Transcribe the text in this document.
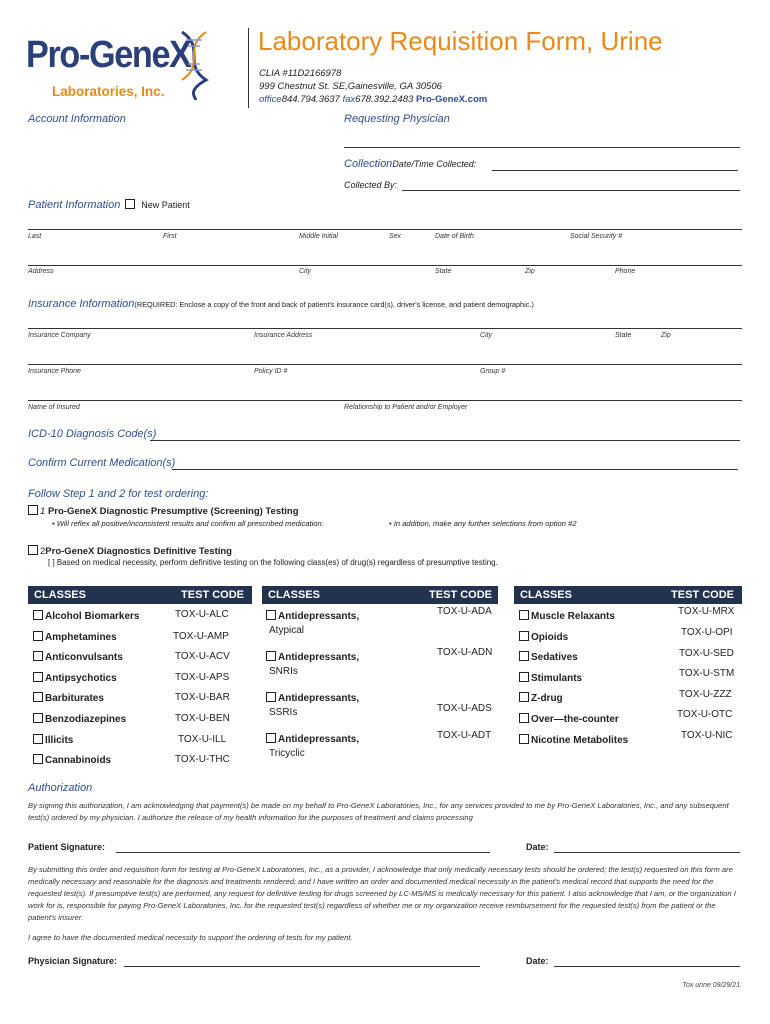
Pro-GeneX
Laboratories, Inc.
Laboratory Requisition Form, Urine
CLIA #11D2166978
999 Chestnut St. SE,Gainesville, GA 30506
office844.794.3637 fax678.392.2483 Pro-GeneX.com
Account Information	Requesting Physician
CollectionDate/Time Collected:
Collected By:
Patient Information New Patient
Last	First	Middle Initial	Sex	Date of Birth	Social Security #
Address	City	State	Zip	Phone
Insurance Information(REQUIRED: Enclose a copy of the front and back of patient's insurance card(s), driver's license, and patient demographic.)
Insurance Company	Insurance Address	City	State	Zip
Insurance Phone	Policy ID #	Group #
Name of Insured	Relationship to Patient and/or Employer
ICD-10 Diagnosis Code(s)
Confirm Current Medication(s)
Follow Step 1 and 2 for test ordering:
1 Pro-GeneX Diagnostic Presumptive (Screening) Testing
• Will reflex all positive/inconsistent results and confirm all prescribed medication.	• In addition, make any further selections from option #2
2Pro-GeneX Diagnostics Definitive Testing
[ ] Based on medical necessity, perform definitive testing on the following class(es) of drug(s) regardless of presumptive testing.
CLASSES	TEST CODE CLASSES	TEST CODE	CLASSES	TEST CODE
Alcohol Biomarkers	TOX-U-ALC
Amphetamines	TOX-U-AMP
Anticonvulsants	TOX-U-ACV
Antipsychotics	TOX-U-APS
Barbiturates	TOX-U-BAR
Benzodiazepines	TOX-U-BEN
Illicits	TOX-U-ILL
Cannabinoids	TOX-U-THC
Antidepressants,
Atypical
TOX-U-ADA
Antidepressants,
SNRIs
TOX-U-ADN
Antidepressants,
SSRIs	TOX-U-ADS
Antidepressants,
Tricyclic
TOX-U-ADT
Muscle Relaxants	TOX-U-MRX
Opioids	TOX-U-OPI
Sedatives	TOX-U-SED
Stimulants	TOX-U-STM
Z-drug	TOX-U-ZZZ
Over—the-counter	TOX-U-OTC
Nicotine Metabolites	TOX-U-NIC
Authorization
By signing this authorization, I am acknowledging that payment(s) be made on my behalf to Pro-GeneX Laboratories, Inc., for any services provided to me by Pro-GeneX Laboratories, Inc., and any subsequent test(s) ordered by my physician. I authorize the release of my health information for the purposes of treatment and claims processing
Patient Signature:	Date:
By submitting this order and requisition form for testing at Pro-GeneX Laboratories, Inc., as a provider, I acknowledge that only medically necessary tests should be ordered; the test(s) requested on this form are medically necessary and reasonable for the diagnosis and treatments rendered; and I have written an order and documented medical necessity in the patient's medical record that supports the need for the requested test(s). If presumptive test(s) are performed, any request for definitive testing for drugs screened by LC-MS/MS is medically necessary for this patient. I also acknowledge that I am, or the organization I work for is, responsible for paying Pro-GeneX Laboratories, Inc. for the requested test(s) regardless of whether me or my organization receive reimbursement for the requested test(s) from the patient or the patient's insurer.
I agree to have the documented medical necessity to support the ordering of tests for my patient.
Physician Signature:	Date:
Tox urine 09/29/21.
